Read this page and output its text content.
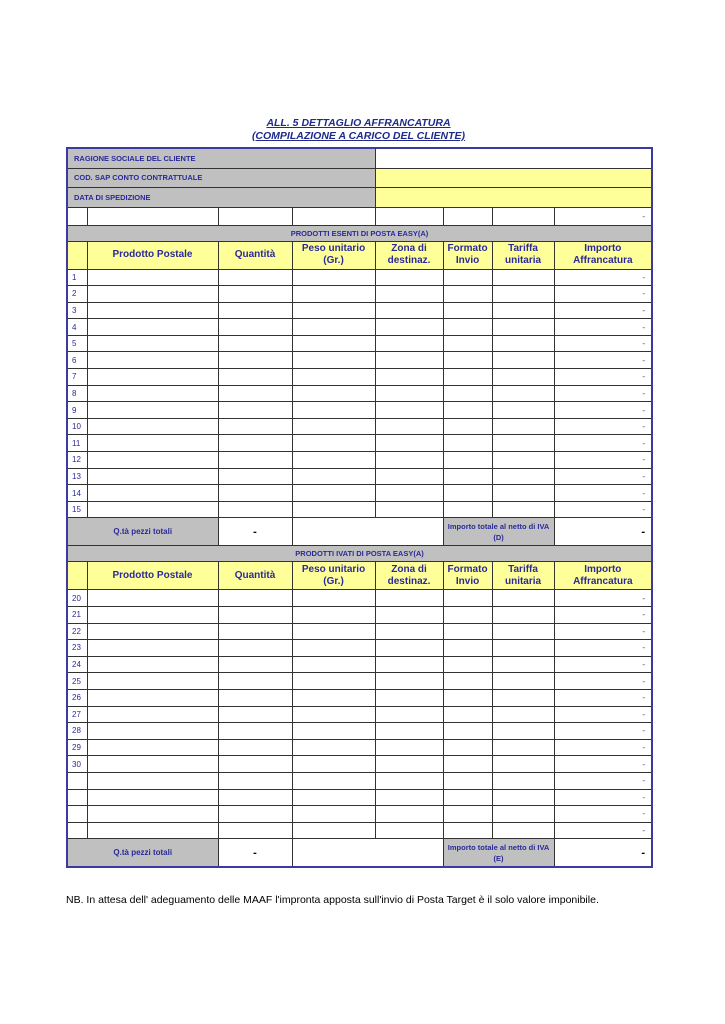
ALL. 5 DETTAGLIO AFFRANCATURA
(COMPILAZIONE A CARICO DEL CLIENTE)
RAGIONE SOCIALE DEL CLIENTE							
COD. SAP CONTO CONTRATTUALE							
DATA DI SPEDIZIONE							
							-
PRODOTTI ESENTI DI POSTA EASY(A)							
	Prodotto Postale	Quantità	Peso unitario (Gr.)	Zona di destinaz.	Formato Invio	Tariffa unitaria	Importo Affrancatura
1							-
2							-
3							-
4							-
5							-
6							-
7							-
8							-
9							-
10							-
11							-
12							-
13							-
14							-
15							-
Q.tà pezzi totali		-			Importo totale al netto di IVA (D)		-
PRODOTTI IVATI DI POSTA EASY(A)							
	Prodotto Postale	Quantità	Peso unitario (Gr.)	Zona di destinaz.	Formato Invio	Tariffa unitaria	Importo Affrancatura
20							-
21							-
22							-
23							-
24							-
25							-
26							-
27							-
28							-
29							-
30							-
							-
							-
							-
							-
Q.tà pezzi totali		-			Importo totale al netto di IVA (E)		-
NB. In attesa dell' adeguamento delle MAAF l'impronta apposta sull'invio di Posta Target è il solo valore imponibile.
